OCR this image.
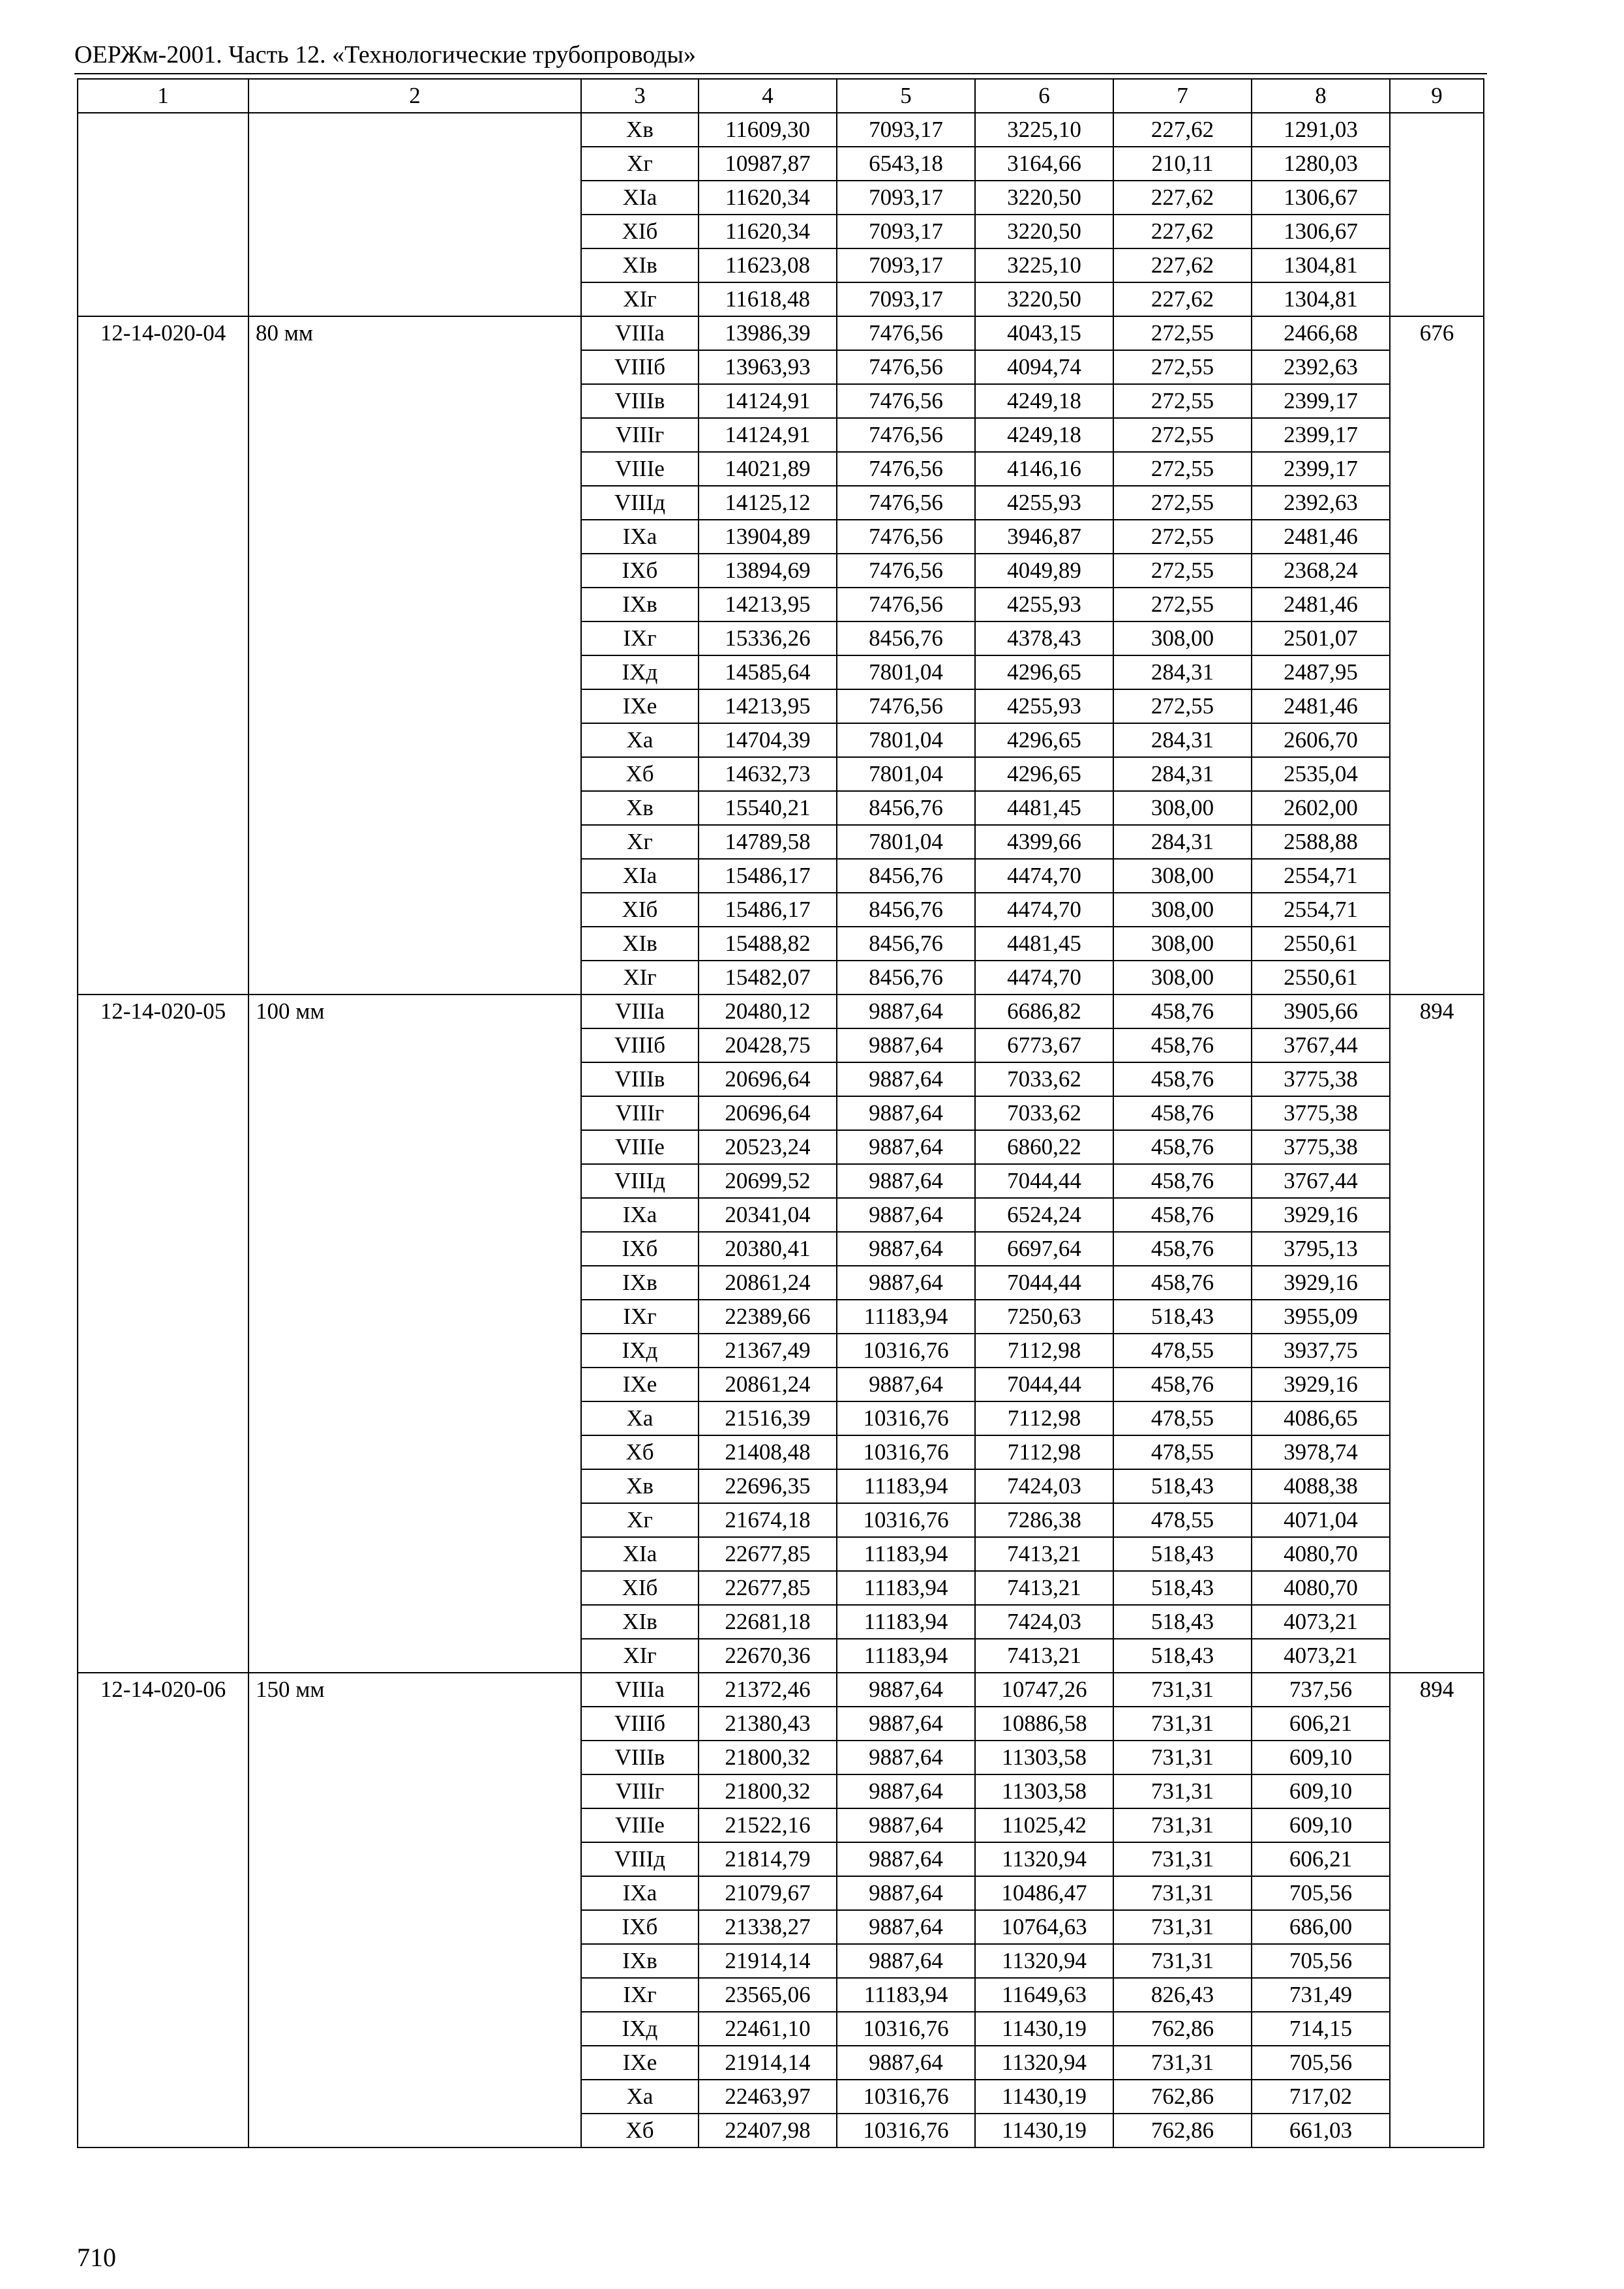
ОЕРЖм-2001. Часть 12. «Технологические трубопроводы»
1	2	3	4	5	6	7	8	9
		Xв	11609,30	7093,17	3225,10	227,62	1291,03	
		Xг	10987,87	6543,18	3164,66	210,11	1280,03	
		XIа	11620,34	7093,17	3220,50	227,62	1306,67	
		XIб	11620,34	7093,17	3220,50	227,62	1306,67	
		XIв	11623,08	7093,17	3225,10	227,62	1304,81	
		XIг	11618,48	7093,17	3220,50	227,62	1304,81	
12-14-020-04	80 мм	VIIIа	13986,39	7476,56	4043,15	272,55	2466,68	676
		VIIIб	13963,93	7476,56	4094,74	272,55	2392,63	
		VIIIв	14124,91	7476,56	4249,18	272,55	2399,17	
		VIIIг	14124,91	7476,56	4249,18	272,55	2399,17	
		VIIIе	14021,89	7476,56	4146,16	272,55	2399,17	
		VIIIд	14125,12	7476,56	4255,93	272,55	2392,63	
		IXа	13904,89	7476,56	3946,87	272,55	2481,46	
		IXб	13894,69	7476,56	4049,89	272,55	2368,24	
		IXв	14213,95	7476,56	4255,93	272,55	2481,46	
		IXг	15336,26	8456,76	4378,43	308,00	2501,07	
		IXд	14585,64	7801,04	4296,65	284,31	2487,95	
		IXе	14213,95	7476,56	4255,93	272,55	2481,46	
		Xа	14704,39	7801,04	4296,65	284,31	2606,70	
		Xб	14632,73	7801,04	4296,65	284,31	2535,04	
		Xв	15540,21	8456,76	4481,45	308,00	2602,00	
		Xг	14789,58	7801,04	4399,66	284,31	2588,88	
		XIа	15486,17	8456,76	4474,70	308,00	2554,71	
		XIб	15486,17	8456,76	4474,70	308,00	2554,71	
		XIв	15488,82	8456,76	4481,45	308,00	2550,61	
		XIг	15482,07	8456,76	4474,70	308,00	2550,61	
12-14-020-05	100 мм	VIIIа	20480,12	9887,64	6686,82	458,76	3905,66	894
		VIIIб	20428,75	9887,64	6773,67	458,76	3767,44	
		VIIIв	20696,64	9887,64	7033,62	458,76	3775,38	
		VIIIг	20696,64	9887,64	7033,62	458,76	3775,38	
		VIIIе	20523,24	9887,64	6860,22	458,76	3775,38	
		VIIIд	20699,52	9887,64	7044,44	458,76	3767,44	
		IXа	20341,04	9887,64	6524,24	458,76	3929,16	
		IXб	20380,41	9887,64	6697,64	458,76	3795,13	
		IXв	20861,24	9887,64	7044,44	458,76	3929,16	
		IXг	22389,66	11183,94	7250,63	518,43	3955,09	
		IXд	21367,49	10316,76	7112,98	478,55	3937,75	
		IXе	20861,24	9887,64	7044,44	458,76	3929,16	
		Xа	21516,39	10316,76	7112,98	478,55	4086,65	
		Xб	21408,48	10316,76	7112,98	478,55	3978,74	
		Xв	22696,35	11183,94	7424,03	518,43	4088,38	
		Xг	21674,18	10316,76	7286,38	478,55	4071,04	
		XIа	22677,85	11183,94	7413,21	518,43	4080,70	
		XIб	22677,85	11183,94	7413,21	518,43	4080,70	
		XIв	22681,18	11183,94	7424,03	518,43	4073,21	
		XIг	22670,36	11183,94	7413,21	518,43	4073,21	
12-14-020-06	150 мм	VIIIа	21372,46	9887,64	10747,26	731,31	737,56	894
		VIIIб	21380,43	9887,64	10886,58	731,31	606,21	
		VIIIв	21800,32	9887,64	11303,58	731,31	609,10	
		VIIIг	21800,32	9887,64	11303,58	731,31	609,10	
		VIIIе	21522,16	9887,64	11025,42	731,31	609,10	
		VIIIд	21814,79	9887,64	11320,94	731,31	606,21	
		IXа	21079,67	9887,64	10486,47	731,31	705,56	
		IXб	21338,27	9887,64	10764,63	731,31	686,00	
		IXв	21914,14	9887,64	11320,94	731,31	705,56	
		IXг	23565,06	11183,94	11649,63	826,43	731,49	
		IXд	22461,10	10316,76	11430,19	762,86	714,15	
		IXе	21914,14	9887,64	11320,94	731,31	705,56	
		Xа	22463,97	10316,76	11430,19	762,86	717,02	
		Xб	22407,98	10316,76	11430,19	762,86	661,03	
710
